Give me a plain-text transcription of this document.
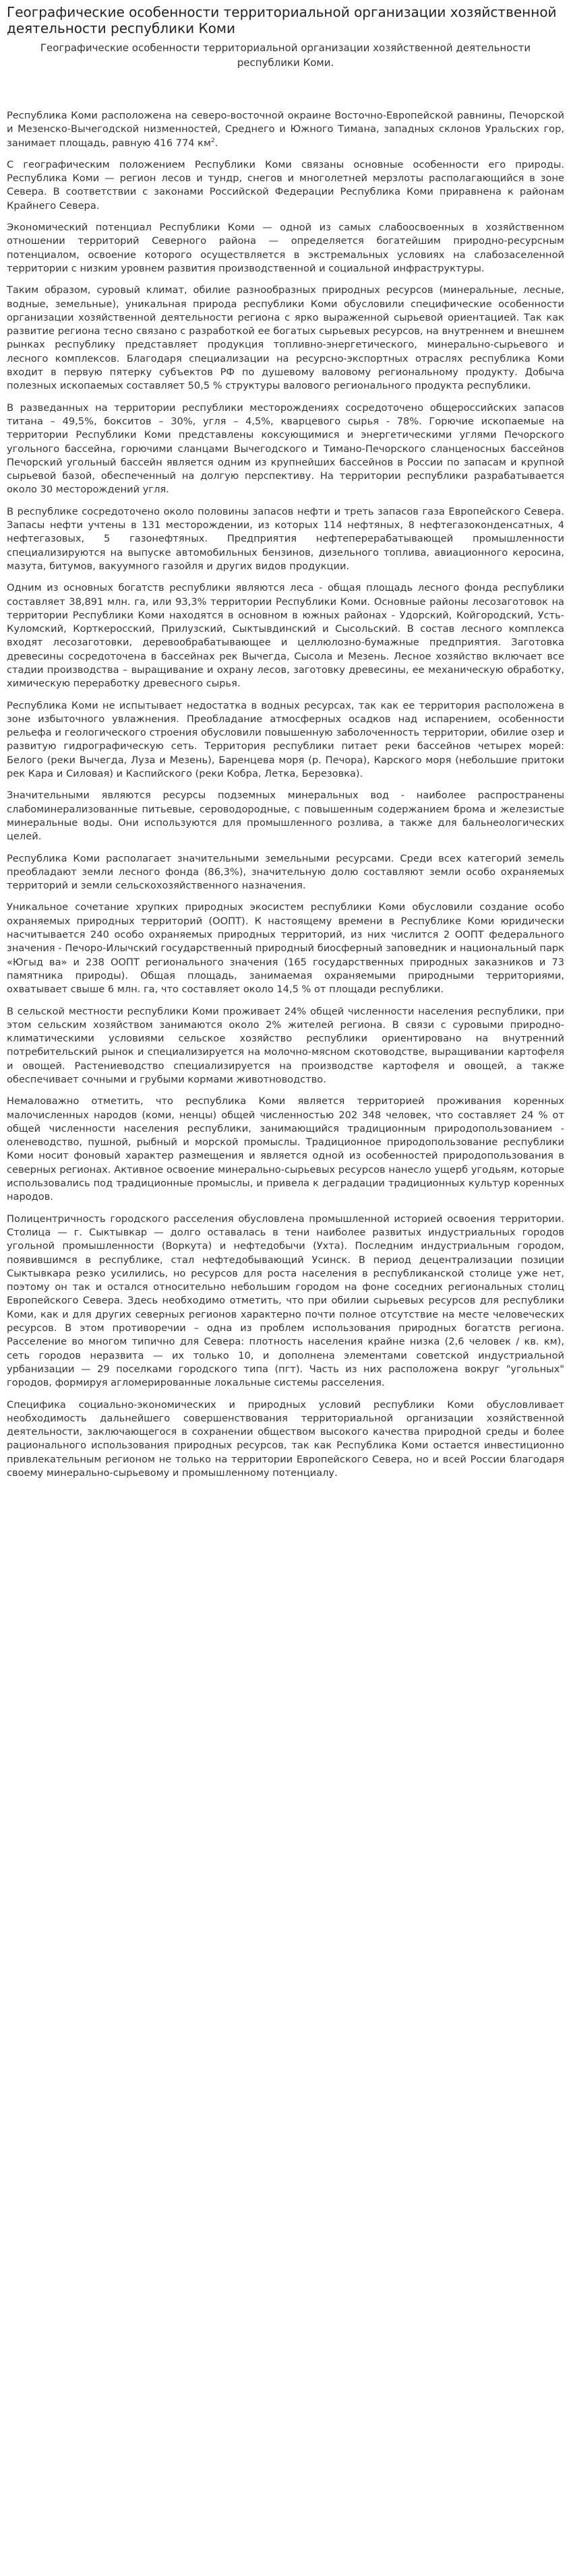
Географические особенности территориальной организации хозяйственной деятельности республики Коми
Географические особенности территориальной организации хозяйственной деятельности республики Коми.

Республика Коми расположена на северо-восточной окраине Восточно-Европейской равнины, Печорской и Мезенско-Вычегодской низменностей, Среднего и Южного Тимана, западных склонов Уральских гор, занимает площадь, равную 416 774 $км^2$.

С географическим положением Республики Коми связаны основные особенности его природы. Республика Коми — регион лесов и тундр, снегов и многолетней мерзлоты располагающийся в зоне Севера. В соответствии с законами Российской Федерации Республика Коми приравнена к районам Крайнего Севера.

Экономический потенциал Республики Коми — одной из самых слабоосвоенных в хозяйственном отношении территорий Северного района — определяется богатейшим природно-ресурсным потенциалом, освоение которого осуществляется в экстремальных условиях на слабозаселенной территории с низким уровнем развития производственной и социальной инфраструктуры.

Таким образом, суровый климат, обилие разнообразных природных ресурсов (минеральные, лесные, водные, земельные), уникальная природа республики Коми обусловили специфические особенности организации хозяйственной деятельности региона с ярко выраженной сырьевой ориентацией. Так как развитие региона тесно связано с разработкой ее богатых сырьевых ресурсов, на внутреннем и внешнем рынках республику представляет продукция топливно-энергетического, минерально-сырьевого и лесного комплексов. Благодаря специализации на ресурсно-экспортных отраслях республика Коми входит в первую пятерку субъектов РФ по душевому валовому региональному продукту. Добыча полезных ископаемых составляет 50,5 % структуры валового регионального продукта республики.

В разведанных на территории республики месторождениях сосредоточено общероссийских запасов титана – 49,5%, бокситов – 30%, угля – 4,5%, кварцевого сырья - 78%. Горючие ископаемые на территории Республики Коми представлены коксующимися и энергетическими углями Печорского угольного бассейна, горючими сланцами Вычегодского и Тимано-Печорского сланценосных бассейнов Печорский угольный бассейн является одним из крупнейших бассейнов в России по запасам и крупной сырьевой базой, обеспеченный на долгую перспективу. На территории республики разрабатывается около 30 месторождений угля.

В республике сосредоточено около половины запасов нефти и треть запасов газа Европейского Севера. Запасы нефти учтены в 131 месторождении, из которых 114 нефтяных, 8 нефтегазоконденсатных, 4 нефтегазовых, 5 газонефтяных. Предприятия нефтеперерабатывающей промышленности специализируются на выпуске автомобильных бензинов, дизельного топлива, авиационного керосина, мазута, битумов, вакуумного газойля и других видов продукции.

Одним из основных богатств республики являются леса - общая площадь лесного фонда республики составляет 38,891 млн. га, или 93,3% территории Республики Коми. Основные районы лесозаготовок на территории Республики Коми находятся в основном в южных районах - Удорский, Койгородский, Усть-Куломский, Корткеросский, Прилузский, Сыктывдинский и Сысольский. В состав лесного комплекса входят лесозаготовки, деревообрабатывающее и целлюлозно-бумажные предприятия. Заготовка древесины сосредоточена в бассейнах рек Вычегда, Сысола и Мезень. Лесное хозяйство включает все стадии производства – выращивание и охрану лесов, заготовку древесины, ее механическую обработку, химическую переработку древесного сырья.

Республика Коми не испытывает недостатка в водных ресурсах, так как ее территория расположена в зоне избыточного увлажнения. Преобладание атмосферных осадков над испарением, особенности рельефа и геологического строения обусловили повышенную заболоченность территории, обилие озер и развитую гидрографическую сеть. Территория республики питает реки бассейнов четырех морей: Белого (реки Вычегда, Лузa и Мезень), Баренцева моря (р. Печора), Карского моря (небольшие притоки рек Кара и Силовая) и Каспийского (реки Кобра, Летка, Березовка).

Значительными являются ресурсы подземных минеральных вод - наиболее распространены слабоминерализованные питьевые, сероводородные, с повышенным содержанием брома и железистые минеральные воды. Они используются для промышленного розлива, а также для бальнеологических целей.

Республика Коми располагает значительными земельными ресурсами. Среди всех категорий земель преобладают земли лесного фонда (86,3%), значительную долю составляют земли особо охраняемых территорий и земли сельскохозяйственного назначения.

Уникальное сочетание хрупких природных экосистем республики Коми обусловили создание особо охраняемых природных территорий (ООПТ). К настоящему времени в Республике Коми юридически насчитывается 240 особо охраняемых природных территорий, из них числится 2 ООПТ федерального значения - Печоро-Илычский государственный природный биосферный заповедник и национальный парк «Югыд ва» и 238 ООПТ регионального значения (165 государственных природных заказников и 73 памятника природы). Общая площадь, занимаемая охраняемыми природными территориями, охватывает свыше 6 млн. га, что составляет около 14,5 % от площади республики.

В сельской местности республики Коми проживает 24% общей численности населения республики, при этом сельским хозяйством занимаются около 2% жителей региона. В связи с суровыми природно-климатическими условиями сельское хозяйство республики ориентировано на внутренний потребительский рынок и специализируется на молочно-мясном скотоводстве, выращивании картофеля и овощей. Растениеводство специализируется на производстве картофеля и овощей, а также обеспечивает сочными и грубыми кормами животноводство.

Немаловажно отметить, что республика Коми является территорией проживания коренных малочисленных народов (коми, ненцы) общей численностью 202 348 человек, что составляет 24 % от общей численности населения республики, занимающийся традиционным природопользованием - оленеводство, пушной, рыбный и морской промыслы. Традиционное природопользование республики Коми носит фоновый характер размещения и является одной из особенностей природопользования в северных регионах. Активное освоение минерально-сырьевых ресурсов нанесло ущерб угодьям, которые использовались под традиционные промыслы, и привела к деградации традиционных культур коренных народов.

Полицентричность городского расселения обусловлена промышленной историей освоения территории. Столица — г. Сыктывкар — долго оставалась в тени наиболее развитых индустриальных городов угольной промышленности (Воркута) и нефтедобычи (Ухта). Последним индустриальным городом, появившимся в республике, стал нефтедобывающий Усинск. В период децентрализации позиции Сыктывкара резко усилились, но ресурсов для роста населения в республиканской столице уже нет, поэтому он так и остался относительно небольшим городом на фоне соседних региональных столиц Европейского Севера. Здесь необходимо отметить, что при обилии сырьевых ресурсов для республики Коми, как и для других северных регионов характерно почти полное отсутствие на месте человеческих ресурсов. В этом противоречии – одна из проблем использования природных богатств региона. Расселение во многом типично для Севера: плотность населения крайне низка (2,6 человек / кв. км), сеть городов неразвита — их только 10, и дополнена элементами советской индустриальной урбанизации — 29 поселками городского типа (пгт). Часть из них расположена вокруг "угольных" городов, формируя агломерированные локальные системы расселения.

Специфика социально-экономических и природных условий республики Коми обусловливает необходимость дальнейшего совершенствования территориальной организации хозяйственной деятельности, заключающегося в сохранении обществом высокого качества природной среды и более рационального использования природных ресурсов, так как Республика Коми остается инвестиционно привлекательным регионом не только на территории Европейского Севера, но и всей России благодаря своему минерально-сырьевому и промышленному потенциалу.
